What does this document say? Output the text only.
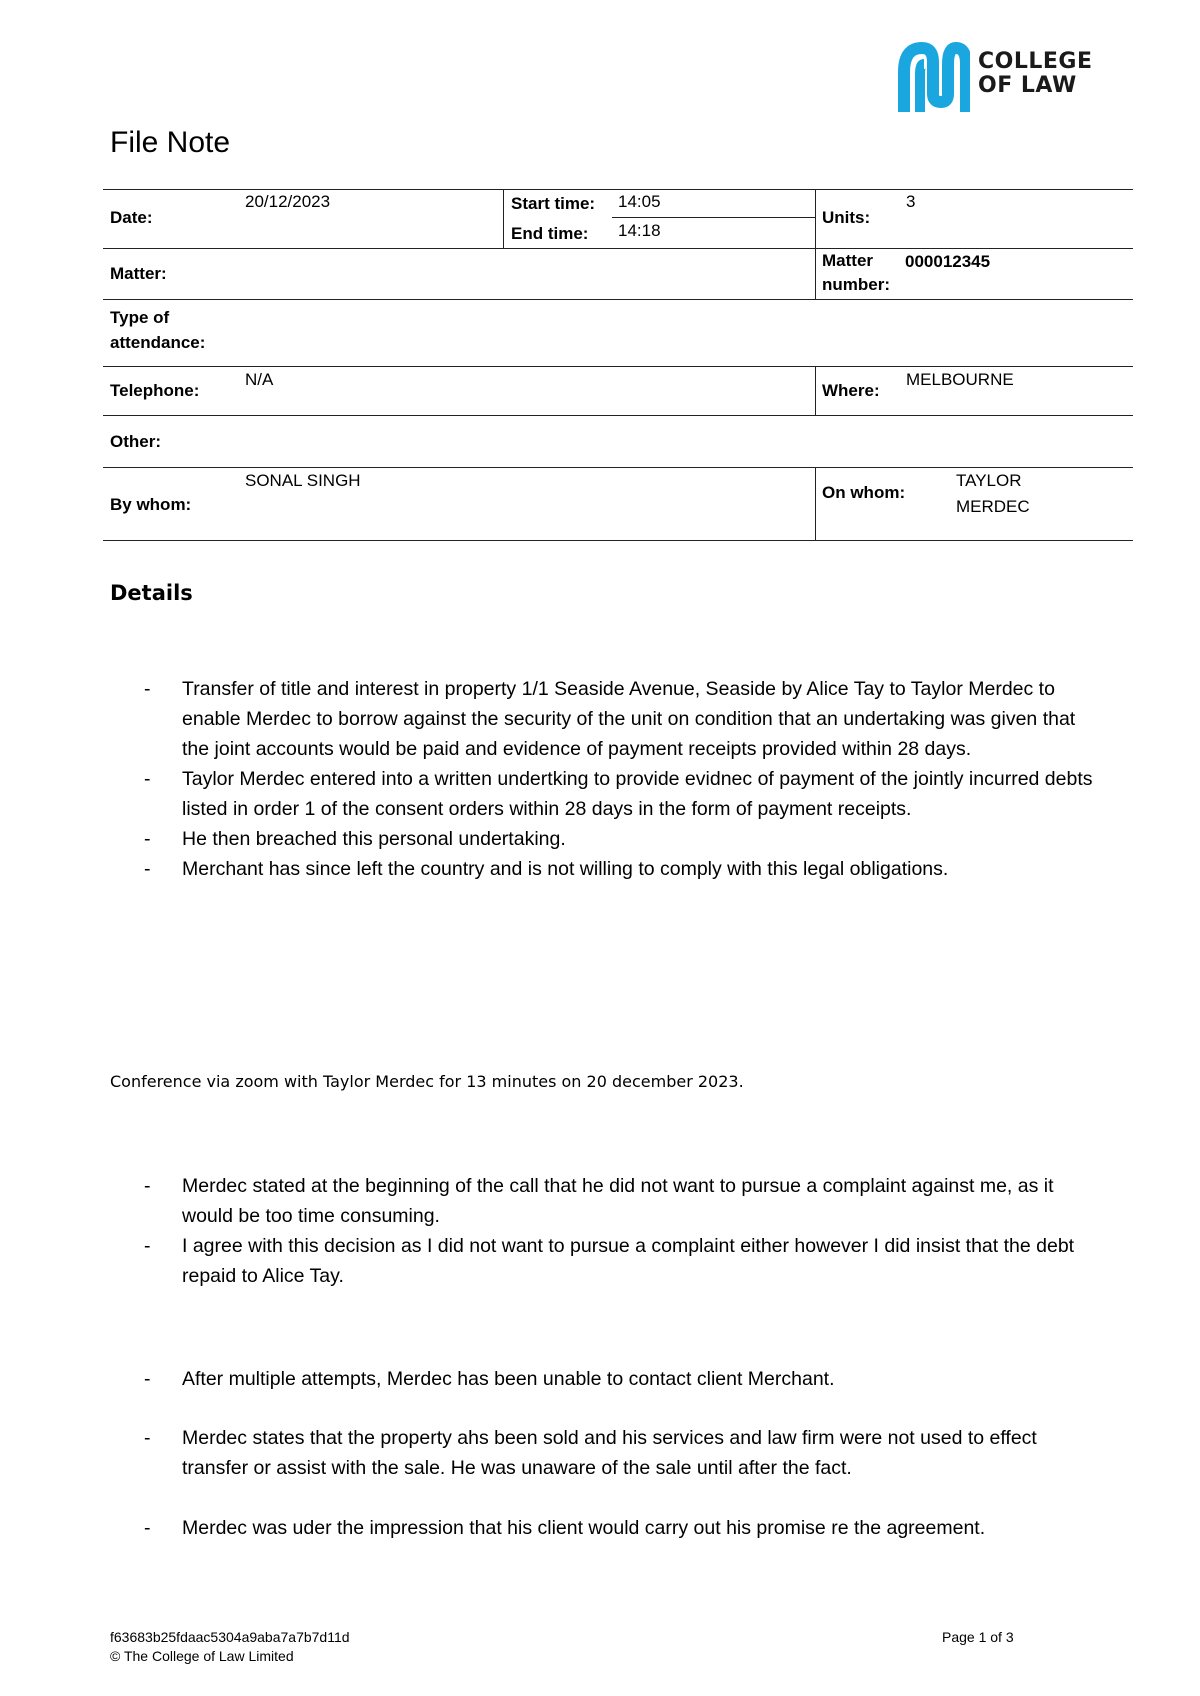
COLLEGE
OF LAW
File Note
Date:
20/12/2023	Start time: 14:05
End time: 14:18
Units:
3
Matter:
Matter
number:
000012345
Type of
attendance:
Telephone:
N/A
Where:
MELBOURNE
Other:
By whom:
SONAL SINGH
On whom:
TAYLOR
MERDEC
Details
- Transfer of title and interest in property 1/1 Seaside Avenue, Seaside by Alice Tay to Taylor Merdec to enable Merdec to borrow against the security of the unit on condition that an undertaking was given that the joint accounts would be paid and evidence of payment receipts provided within 28 days.
- Taylor Merdec entered into a written undertking to provide evidnec of payment of the jointly incurred debts listed in order 1 of the consent orders within 28 days in the form of payment receipts.
- He then breached this personal undertaking.
- Merchant has since left the country and is not willing to comply with this legal obligations.
Conference via zoom with Taylor Merdec for 13 minutes on 20 december 2023.
- Merdec stated at the beginning of the call that he did not want to pursue a complaint against me, as it would be too time consuming.
- I agree with this decision as I did not want to pursue a complaint either however I did insist that the debt repaid to Alice Tay.
- After multiple attempts, Merdec has been unable to contact client Merchant.
- Merdec states that the property ahs been sold and his services and law firm were not used to effect transfer or assist with the sale. He was unaware of the sale until after the fact.
- Merdec was uder the impression that his client would carry out his promise re the agreement.
f63683b25fdaac5304a9aba7a7b7d11d
© The College of Law Limited
Page 1 of 3
